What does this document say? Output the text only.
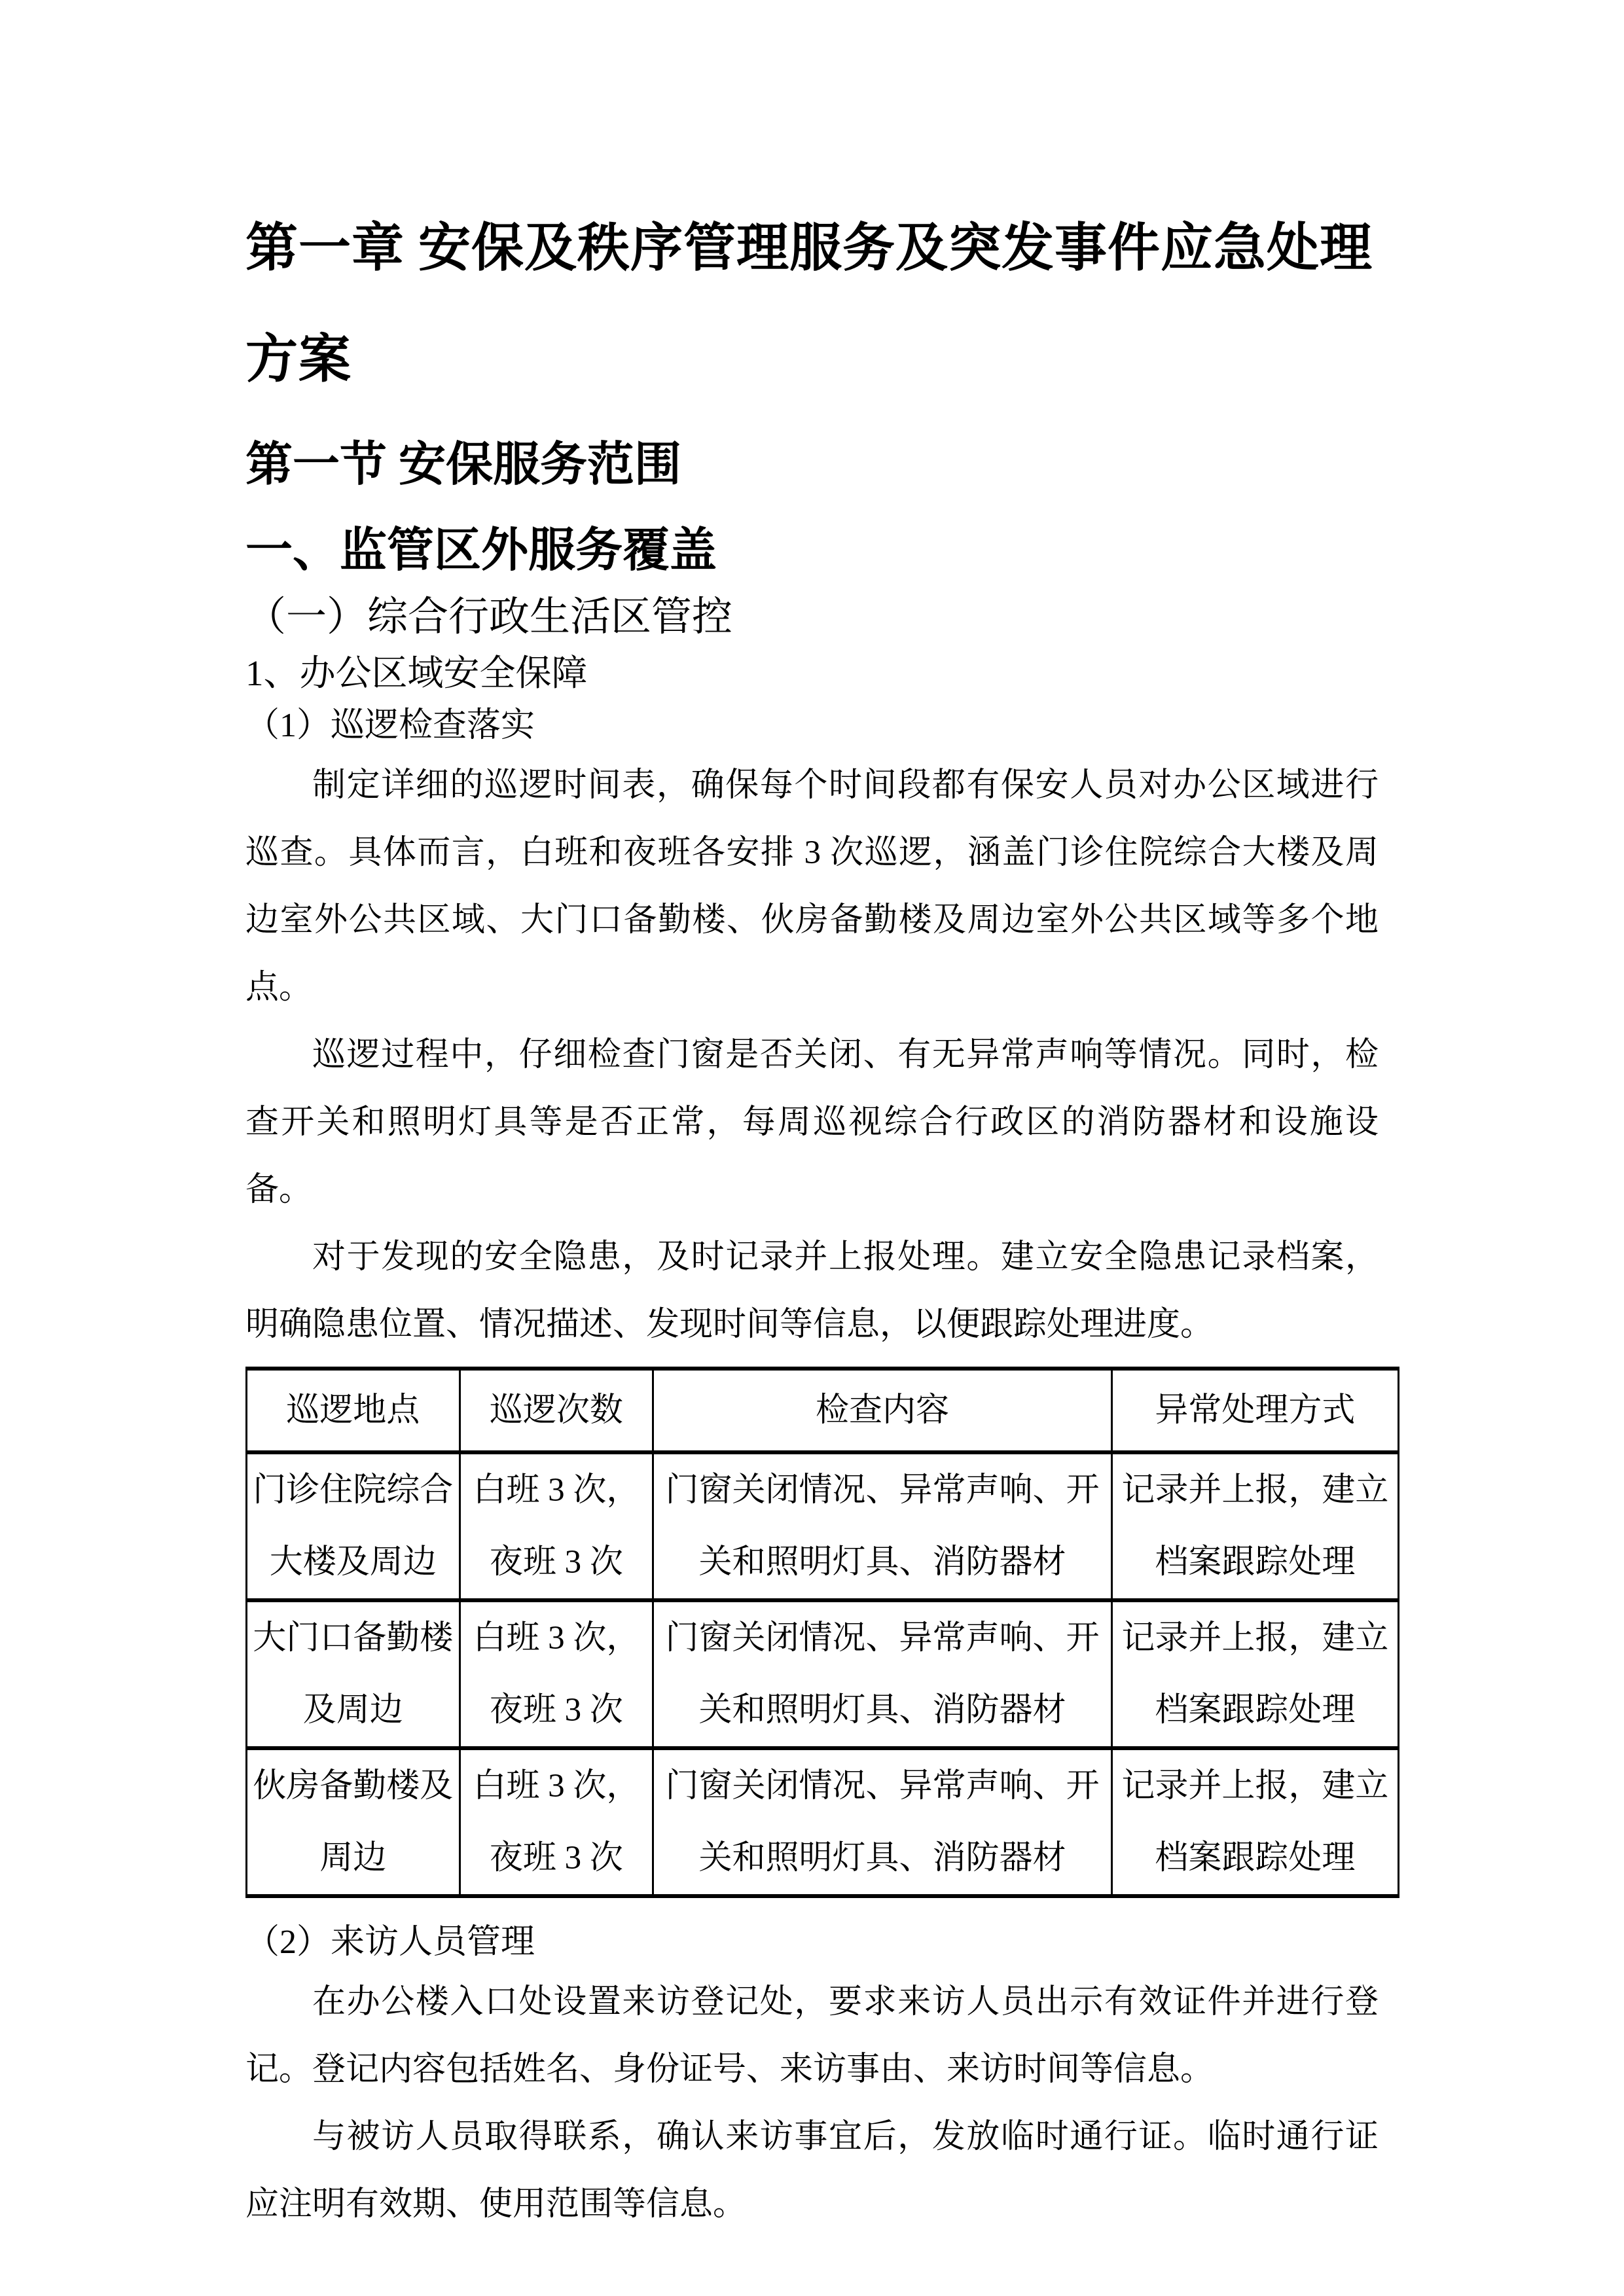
第一章 安保及秩序管理服务及突发事件应急处理方案
第一节 安保服务范围
一、监管区外服务覆盖
（一）综合行政生活区管控
1、办公区域安全保障
（1）巡逻检查落实

制定详细的巡逻时间表，确保每个时间段都有保安人员对办公区域进行巡查。具体而言，白班和夜班各安排 3 次巡逻，涵盖门诊住院综合大楼及周边室外公共区域、大门口备勤楼、伙房备勤楼及周边室外公共区域等多个地点。

巡逻过程中，仔细检查门窗是否关闭、有无异常声响等情况。同时，检查开关和照明灯具等是否正常，每周巡视综合行政区的消防器材和设施设备。

对于发现的安全隐患，及时记录并上报处理。建立安全隐患记录档案，明确隐患位置、情况描述、发现时间等信息，以便跟踪处理进度。

巡逻地点	巡逻次数	检查内容	异常处理方式
门诊住院综合大楼及周边	白班 3 次，夜班 3 次	门窗关闭情况、异常声响、开关和照明灯具、消防器材	记录并上报，建立档案跟踪处理
大门口备勤楼及周边	白班 3 次，夜班 3 次	门窗关闭情况、异常声响、开关和照明灯具、消防器材	记录并上报，建立档案跟踪处理
伙房备勤楼及周边	白班 3 次，夜班 3 次	门窗关闭情况、异常声响、开关和照明灯具、消防器材	记录并上报，建立档案跟踪处理
（2）来访人员管理

在办公楼入口处设置来访登记处，要求来访人员出示有效证件并进行登记。登记内容包括姓名、身份证号、来访事由、来访时间等信息。

与被访人员取得联系，确认来访事宜后，发放临时通行证。临时通行证应注明有效期、使用范围等信息。
